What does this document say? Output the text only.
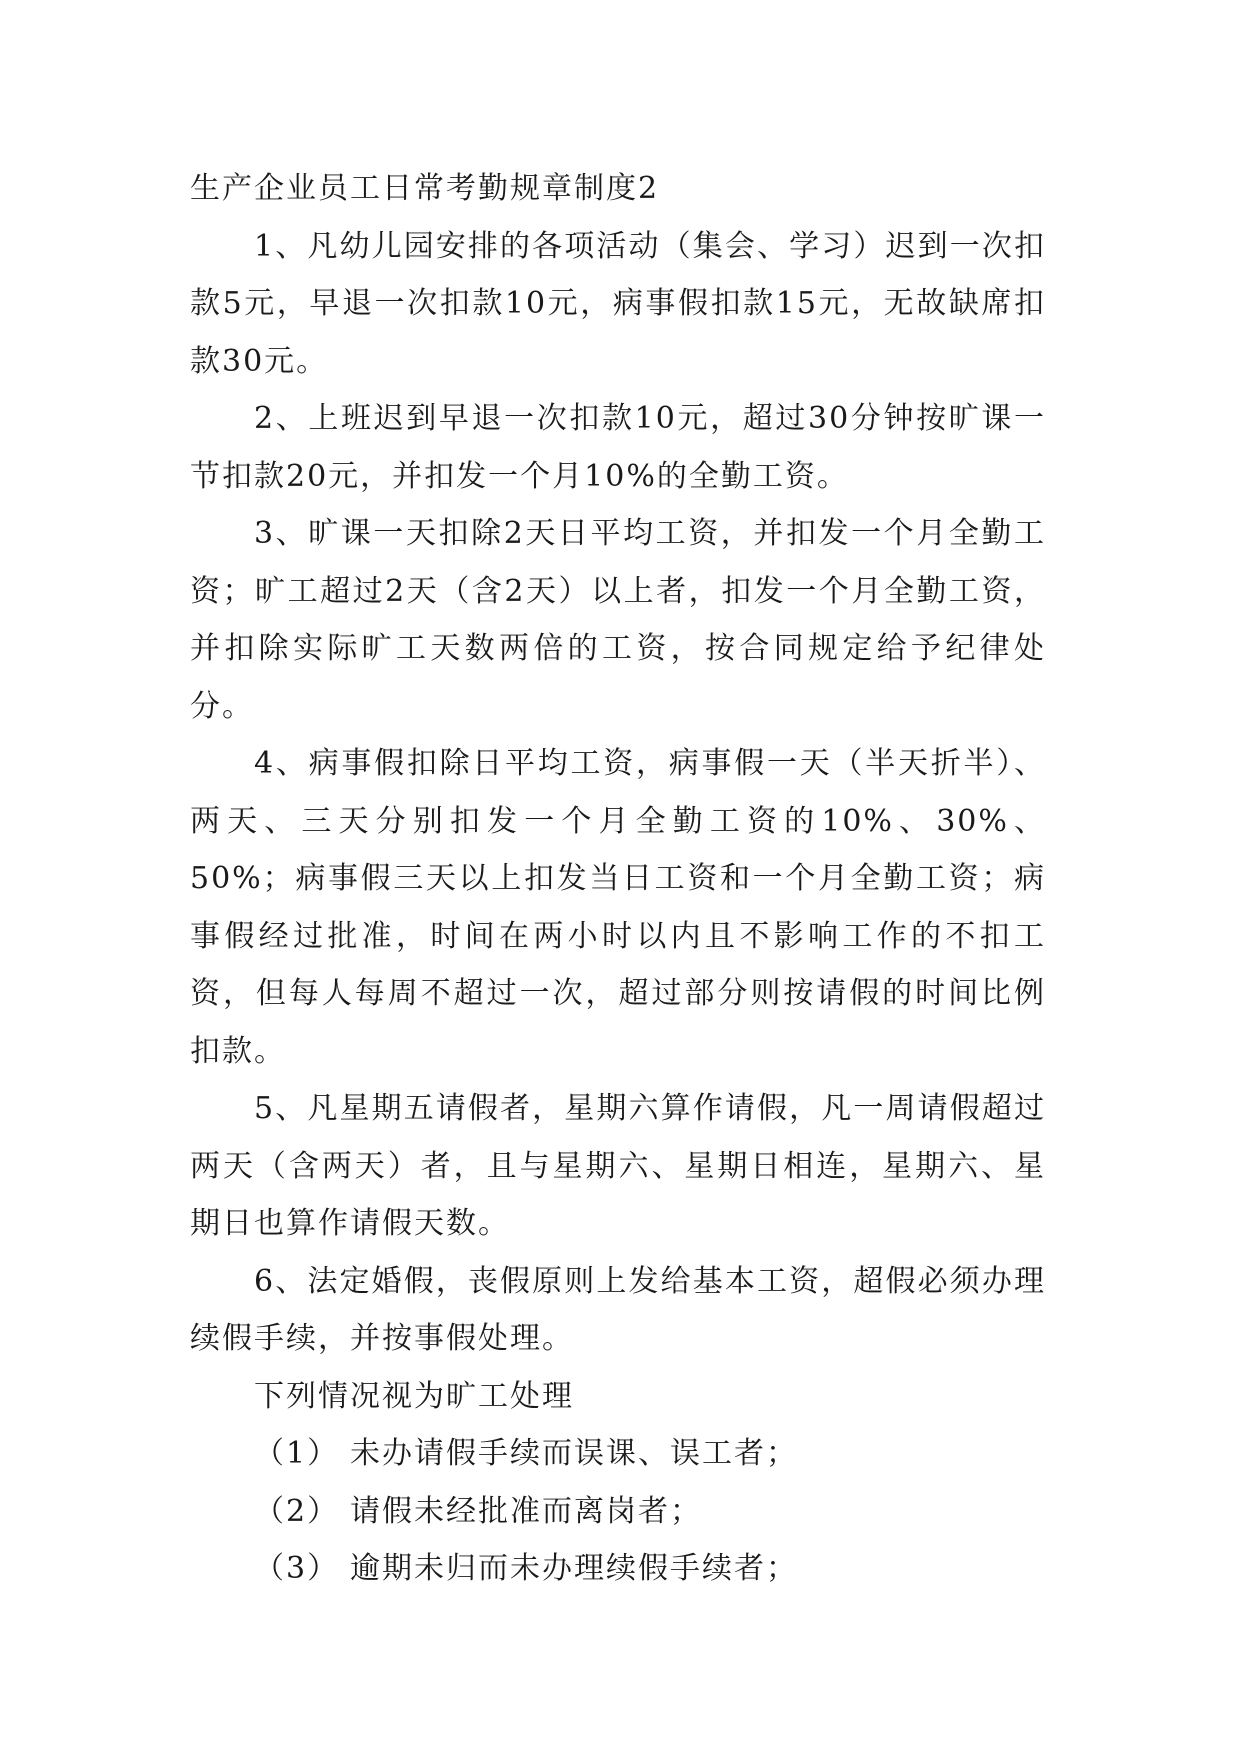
生产企业员工日常考勤规章制度2

1、凡幼儿园安排的各项活动（集会、学习）迟到一次扣款5元，早退一次扣款10元，病事假扣款15元，无故缺席扣款30元。

2、上班迟到早退一次扣款10元，超过30分钟按旷课一节扣款20元，并扣发一个月10%的全勤工资。

3、旷课一天扣除2天日平均工资，并扣发一个月全勤工资；旷工超过2天（含2天）以上者，扣发一个月全勤工资，并扣除实际旷工天数两倍的工资，按合同规定给予纪律处分。

4、病事假扣除日平均工资，病事假一天（半天折半）、两天、三天分别扣发一个月全勤工资的10%、30%、50%；病事假三天以上扣发当日工资和一个月全勤工资；病事假经过批准，时间在两小时以内且不影响工作的不扣工资，但每人每周不超过一次，超过部分则按请假的时间比例扣款。

5、凡星期五请假者，星期六算作请假，凡一周请假超过两天（含两天）者，且与星期六、星期日相连，星期六、星期日也算作请假天数。

6、法定婚假，丧假原则上发给基本工资，超假必须办理续假手续，并按事假处理。

下列情况视为旷工处理

（1） 未办请假手续而误课、误工者；

（2） 请假未经批准而离岗者；

（3） 逾期未归而未办理续假手续者；
